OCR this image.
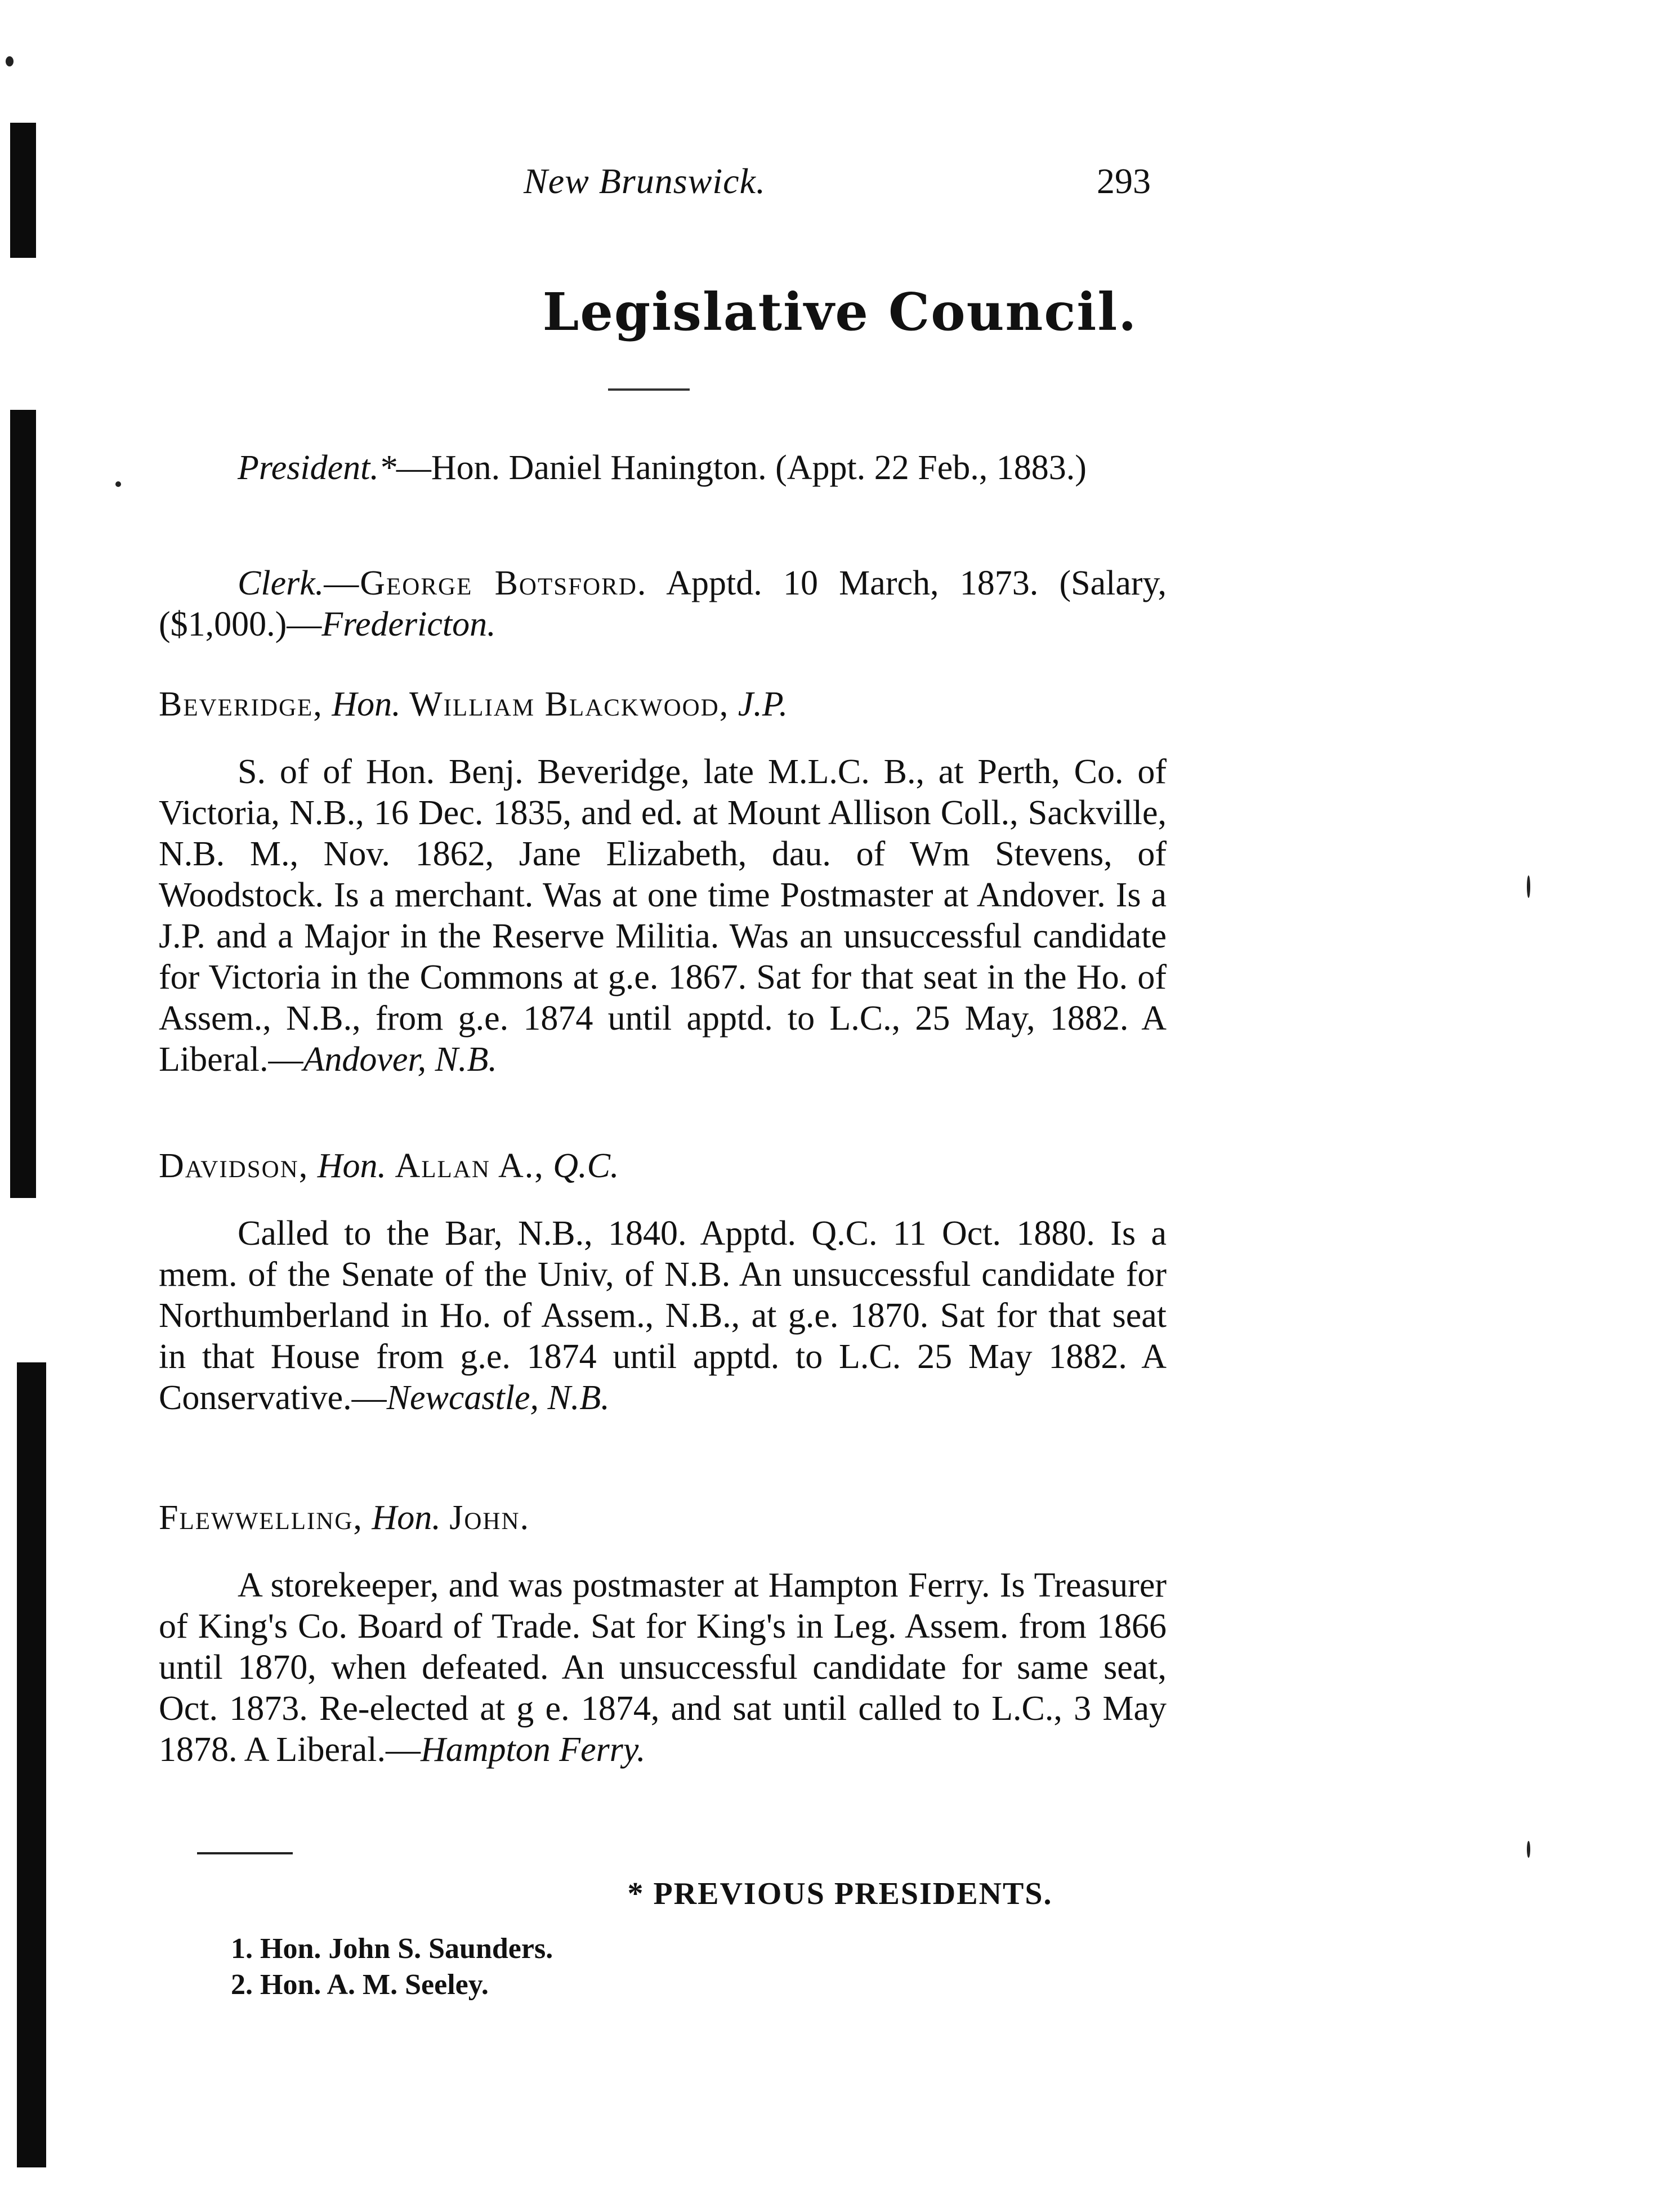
New Brunswick.	293
Legislative Council.
President.*—Hon. Daniel Hanington. (Appt. 22 Feb., 1883.)
Clerk.—George Botsford. Apptd. 10 March, 1873. (Salary, ($1,000.)—Fredericton.
Beveridge, Hon. William Blackwood, J.P.
S. of of Hon. Benj. Beveridge, late M.L.C. B., at Perth, Co. of Victoria, N.B., 16 Dec. 1835, and ed. at Mount Allison Coll., Sackville, N.B. M., Nov. 1862, Jane Elizabeth, dau. of Wm Stevens, of Woodstock. Is a merchant. Was at one time Postmaster at Andover. Is a J.P. and a Major in the Reserve Militia. Was an unsuccessful candidate for Victoria in the Commons at g.e. 1867. Sat for that seat in the Ho. of Assem., N.B., from g.e. 1874 until apptd. to L.C., 25 May, 1882. A Liberal.—Andover, N.B.
Davidson, Hon. Allan A., Q.C.
Called to the Bar, N.B., 1840. Apptd. Q.C. 11 Oct. 1880. Is a mem. of the Senate of the Univ, of N.B. An unsuccessful candidate for Northumberland in Ho. of Assem., N.B., at g.e. 1870. Sat for that seat in that House from g.e. 1874 until apptd. to L.C. 25 May 1882. A Conservative.—Newcastle, N.B.
Flewwelling, Hon. John.
A storekeeper, and was postmaster at Hampton Ferry. Is Treasurer of King's Co. Board of Trade. Sat for King's in Leg. Assem. from 1866 until 1870, when defeated. An unsuccessful candidate for same seat, Oct. 1873. Re-elected at g e. 1874, and sat until called to L.C., 3 May 1878. A Liberal.—Hampton Ferry.
* PREVIOUS PRESIDENTS.
1. Hon. John S. Saunders.
2. Hon. A. M. Seeley.
